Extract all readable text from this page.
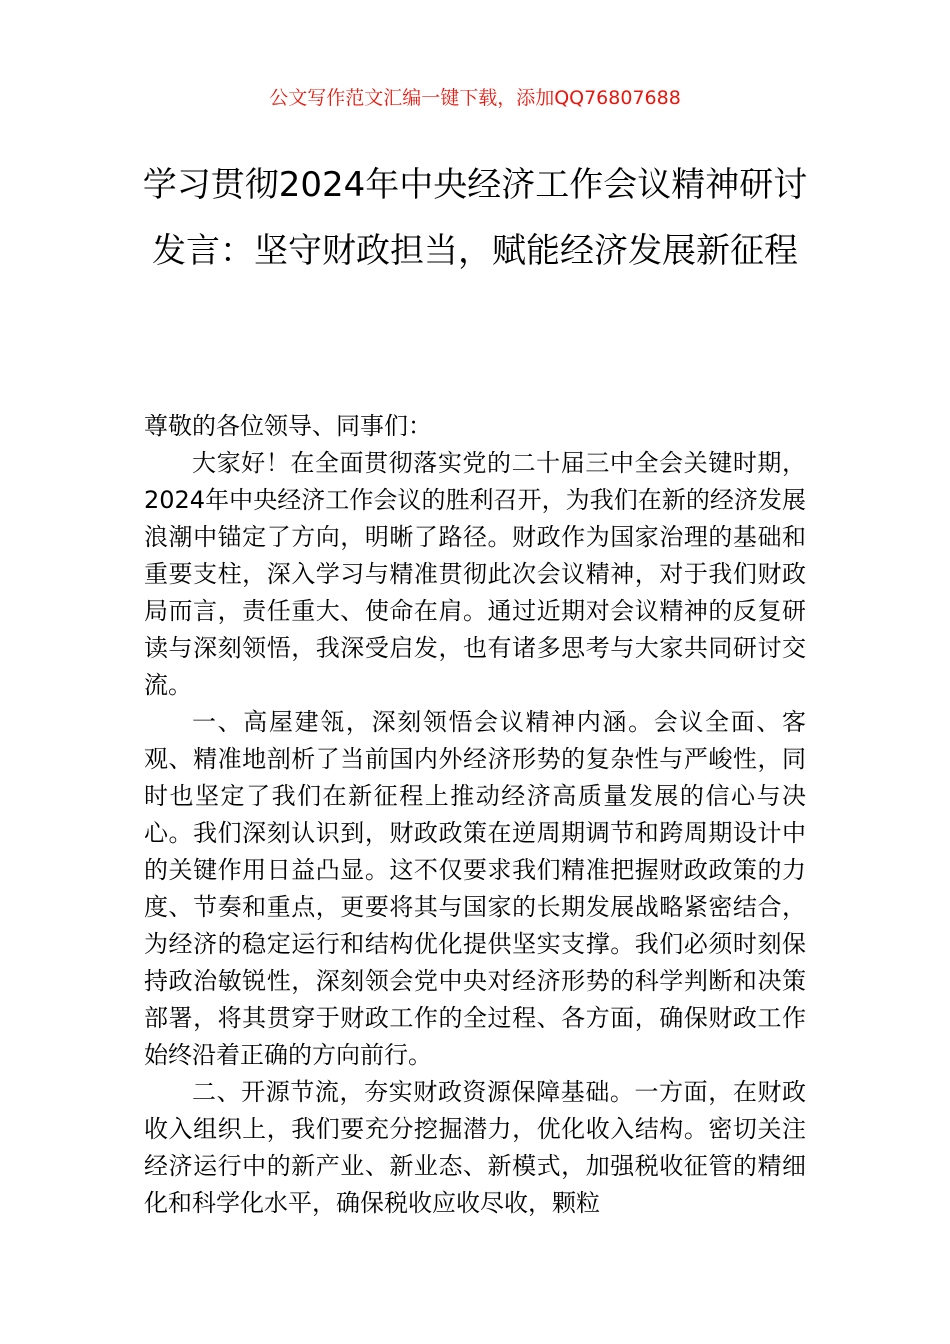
公文写作范文汇编一键下载，添加QQ76807688
学习贯彻2024年中央经济工作会议精神研讨发言：坚守财政担当，赋能经济发展新征程

尊敬的各位领导、同事们：

大家好！在全面贯彻落实党的二十届三中全会关键时期，2024年中央经济工作会议的胜利召开，为我们在新的经济发展浪潮中锚定了方向，明晰了路径。财政作为国家治理的基础和重要支柱，深入学习与精准贯彻此次会议精神，对于我们财政局而言，责任重大、使命在肩。通过近期对会议精神的反复研读与深刻领悟，我深受启发，也有诸多思考与大家共同研讨交流。

一、高屋建瓴，深刻领悟会议精神内涵。会议全面、客观、精准地剖析了当前国内外经济形势的复杂性与严峻性，同时也坚定了我们在新征程上推动经济高质量发展的信心与决心。我们深刻认识到，财政政策在逆周期调节和跨周期设计中的关键作用日益凸显。这不仅要求我们精准把握财政政策的力度、节奏和重点，更要将其与国家的长期发展战略紧密结合，为经济的稳定运行和结构优化提供坚实支撑。我们必须时刻保持政治敏锐性，深刻领会党中央对经济形势的科学判断和决策部署，将其贯穿于财政工作的全过程、各方面，确保财政工作始终沿着正确的方向前行。

二、开源节流，夯实财政资源保障基础。一方面，在财政收入组织上，我们要充分挖掘潜力，优化收入结构。密切关注经济运行中的新产业、新业态、新模式，加强税收征管的精细化和科学化水平，确保税收应收尽收，颗粒
